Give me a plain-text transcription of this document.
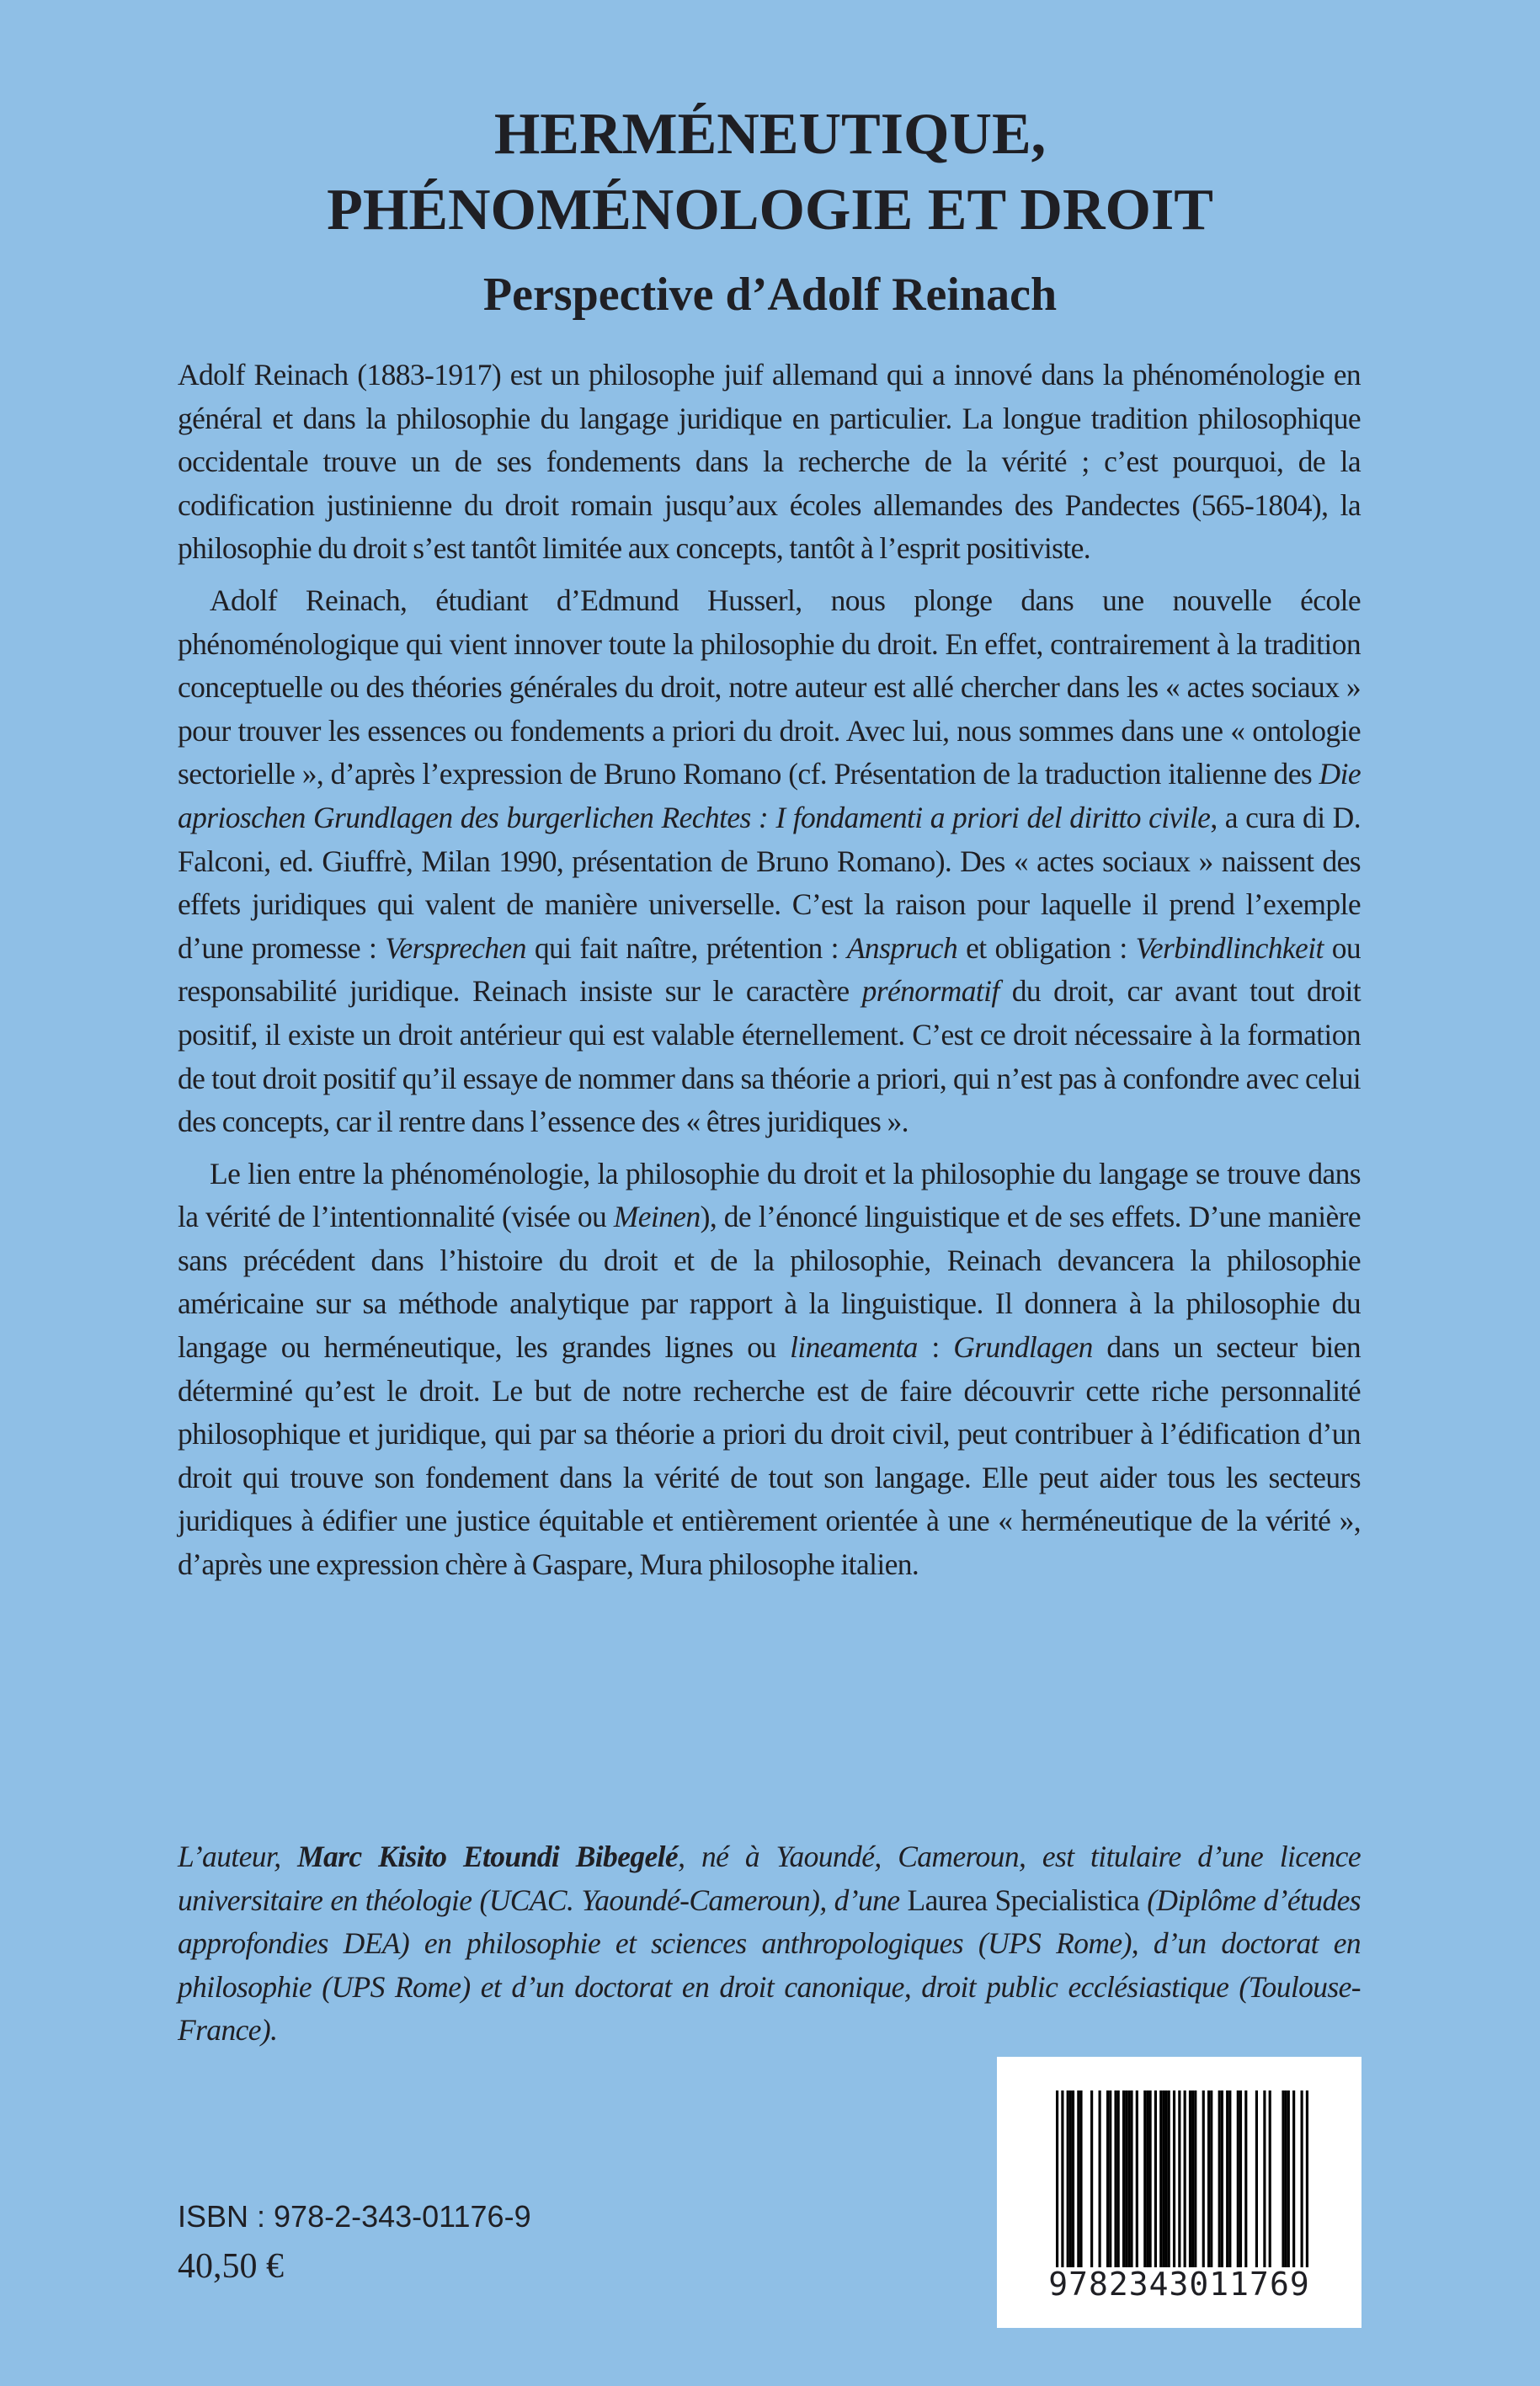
HERMÉNEUTIQUE,
PHÉNOMÉNOLOGIE ET DROIT
Perspective d’Adolf Reinach

Adolf Reinach (1883-1917) est un philosophe juif allemand qui a innové dans la phénoménologie en général et dans la philosophie du langage juridique en particulier. La longue tradition philosophique occidentale trouve un de ses fondements dans la recherche de la vérité ; c’est pourquoi, de la codification justinienne du droit romain jusqu’aux écoles allemandes des Pandectes (565-1804), la philosophie du droit s’est tantôt limitée aux concepts, tantôt à l’esprit positiviste.

Adolf Reinach, étudiant d’Edmund Husserl, nous plonge dans une nouvelle école phénoménologique qui vient innover toute la philosophie du droit. En effet, contrairement à la tradition conceptuelle ou des théories générales du droit, notre auteur est allé chercher dans les « actes sociaux » pour trouver les essences ou fondements a priori du droit. Avec lui, nous sommes dans une « ontologie sectorielle », d’après l’expression de Bruno Romano (cf. Présentation de la traduction italienne des Die aprioschen Grundlagen des burgerlichen Rechtes : I fondamenti a priori del diritto civile, a cura di D. Falconi, ed. Giuffrè, Milan 1990, présentation de Bruno Romano). Des « actes sociaux » naissent des effets juridiques qui valent de manière universelle. C’est la raison pour laquelle il prend l’exemple d’une promesse : Versprechen qui fait naître, prétention : Anspruch et obligation : Verbindlinchkeit ou responsabilité juridique. Reinach insiste sur le caractère prénormatif du droit, car avant tout droit positif, il existe un droit antérieur qui est valable éternellement. C’est ce droit nécessaire à la formation de tout droit positif qu’il essaye de nommer dans sa théorie a priori, qui n’est pas à confondre avec celui des concepts, car il rentre dans l’essence des « êtres juridiques ».

Le lien entre la phénoménologie, la philosophie du droit et la philosophie du langage se trouve dans la vérité de l’intentionnalité (visée ou Meinen), de l’énoncé linguistique et de ses effets. D’une manière sans précédent dans l’histoire du droit et de la philosophie, Reinach devancera la philosophie américaine sur sa méthode analytique par rapport à la linguistique. Il donnera à la philosophie du langage ou herméneutique, les grandes lignes ou lineamenta : Grundlagen dans un secteur bien déterminé qu’est le droit. Le but de notre recherche est de faire découvrir cette riche personnalité philosophique et juridique, qui par sa théorie a priori du droit civil, peut contribuer à l’édification d’un droit qui trouve son fondement dans la vérité de tout son langage. Elle peut aider tous les secteurs juridiques à édifier une justice équitable et entièrement orientée à une « herméneutique de la vérité », d’après une expression chère à Gaspare, Mura philosophe italien.

L’auteur, Marc Kisito Etoundi Bibegelé, né à Yaoundé, Cameroun, est titulaire d’une licence universitaire en théologie (UCAC. Yaoundé-Cameroun), d’une Laurea Specialistica (Diplôme d’études approfondies DEA) en philosophie et sciences anthropologiques (UPS Rome), d’un doctorat en philosophie (UPS Rome) et d’un doctorat en droit canonique, droit public ecclésiastique (Toulouse-France).
ISBN : 978-2-343-01176-9
40,50 €	9782343011769
